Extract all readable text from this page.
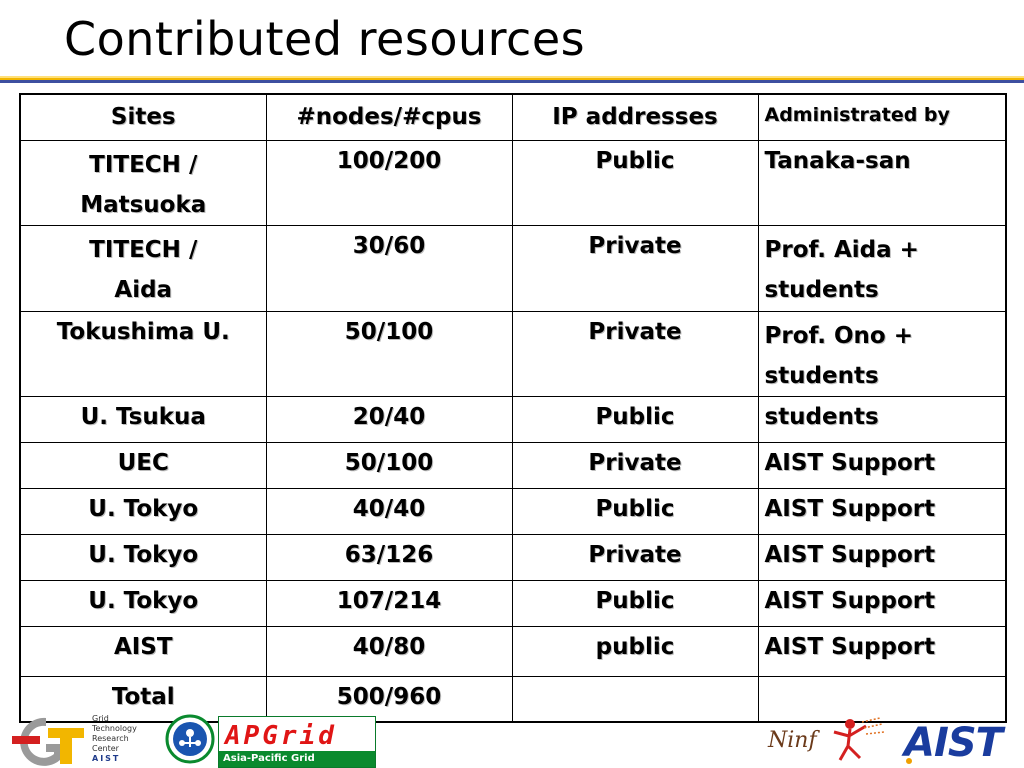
Contributed resources
Sites	#nodes/#cpus	IP addresses	Administrated by
TITECH /
Matsuoka	100/200	Public	Tanaka-san
TITECH /
Aida	30/60	Private	Prof. Aida +
students
Tokushima U.	50/100	Private	Prof. Ono +
students
U. Tsukua	20/40	Public	students
UEC	50/100	Private	AIST Support
U. Tokyo	40/40	Public	AIST Support
U. Tokyo	63/126	Private	AIST Support
U. Tokyo	107/214	Public	AIST Support
AIST	40/80	public	AIST Support
Total	500/960		
Grid
Technology
Research
Center
AIST
APGrid
Asia-Pacific Grid
Ninf AIST
